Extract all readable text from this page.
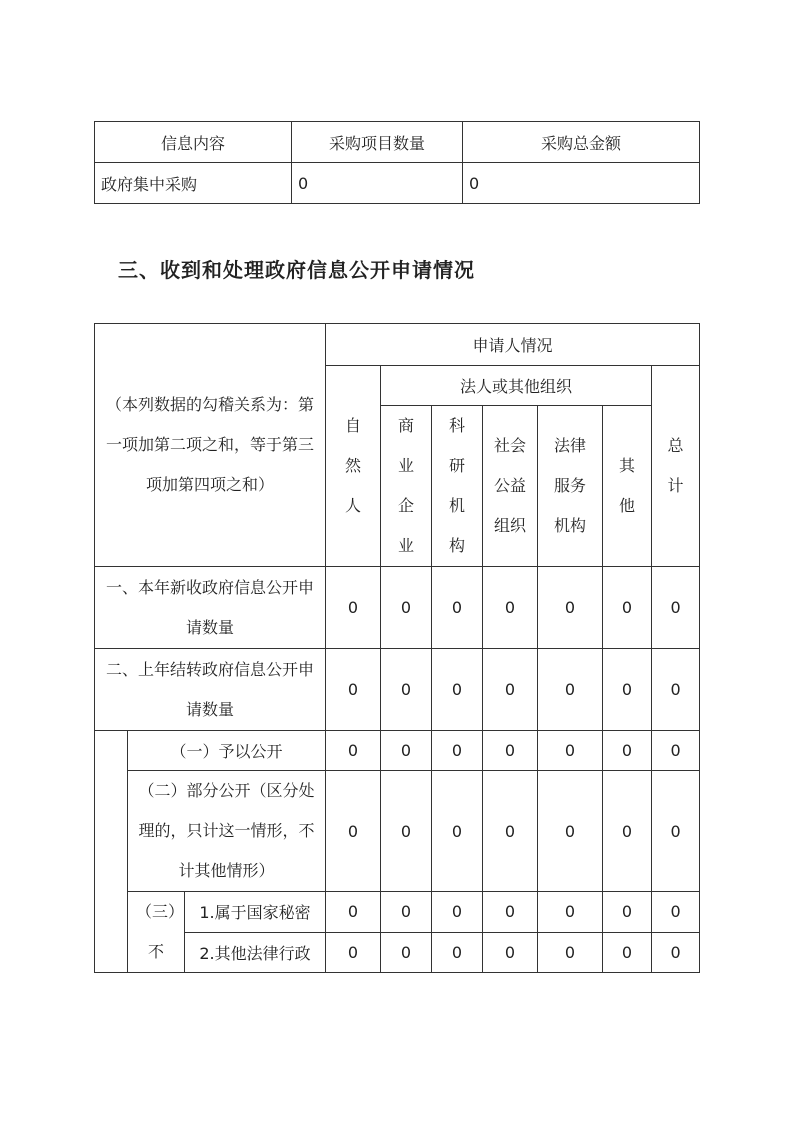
信息内容	采购项目数量	采购总金额
政府集中采购	0	0
三、收到和处理政府信息公开申请情况
（本列数据的勾稽关系为：第一项加第二项之和，等于第三项加第四项之和）			申请人情况						
			自然人	法人或其他组织					总计
				商业企业	科研机构	社会公益组织	法律服务机构	其他	

一、本年新收政府信息公开申请数量			0	0	0	0	0	0	0

二、上年结转政府信息公开申请数量			0	0	0	0	0	0	0
	（一）予以公开		0	0	0	0	0	0	0

	（二）部分公开（区分处理的，只计这一情形，不计其他情形）		0	0	0	0	0	0	0

	（三）不	1.属于国家秘密	0	0	0	0	0	0	0
		2.其他法律行政	0	0	0	0	0	0	0
